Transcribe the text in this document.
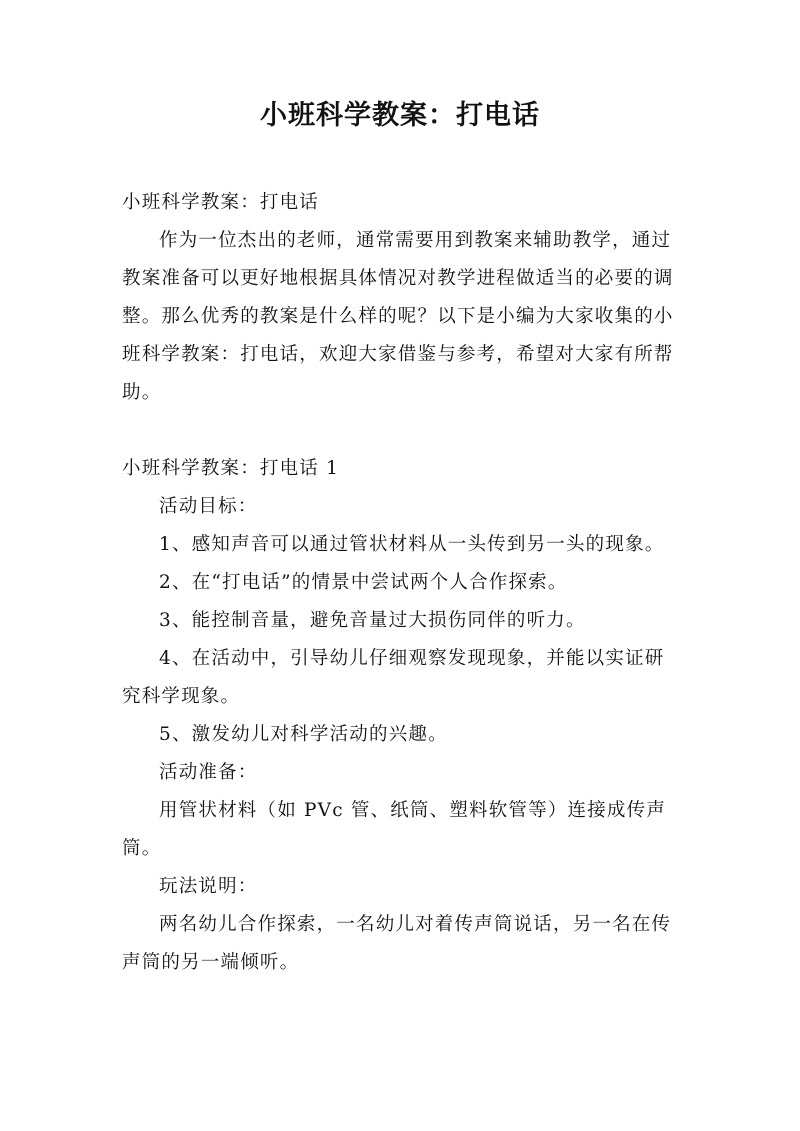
小班科学教案：打电话

小班科学教案：打电话

作为一位杰出的老师，通常需要用到教案来辅助教学，通过教案准备可以更好地根据具体情况对教学进程做适当的必要的调整。那么优秀的教案是什么样的呢？以下是小编为大家收集的小班科学教案：打电话，欢迎大家借鉴与参考，希望对大家有所帮助。

小班科学教案：打电话 1

活动目标：

1、感知声音可以通过管状材料从一头传到另一头的现象。

2、在“打电话”的情景中尝试两个人合作探索。

3、能控制音量，避免音量过大损伤同伴的听力。

4、在活动中，引导幼儿仔细观察发现现象，并能以实证研究科学现象。

5、激发幼儿对科学活动的兴趣。

活动准备：

用管状材料（如 PVc 管、纸筒、塑料软管等）连接成传声筒。

玩法说明：

两名幼儿合作探索，一名幼儿对着传声筒说话，另一名在传声筒的另一端倾听。
